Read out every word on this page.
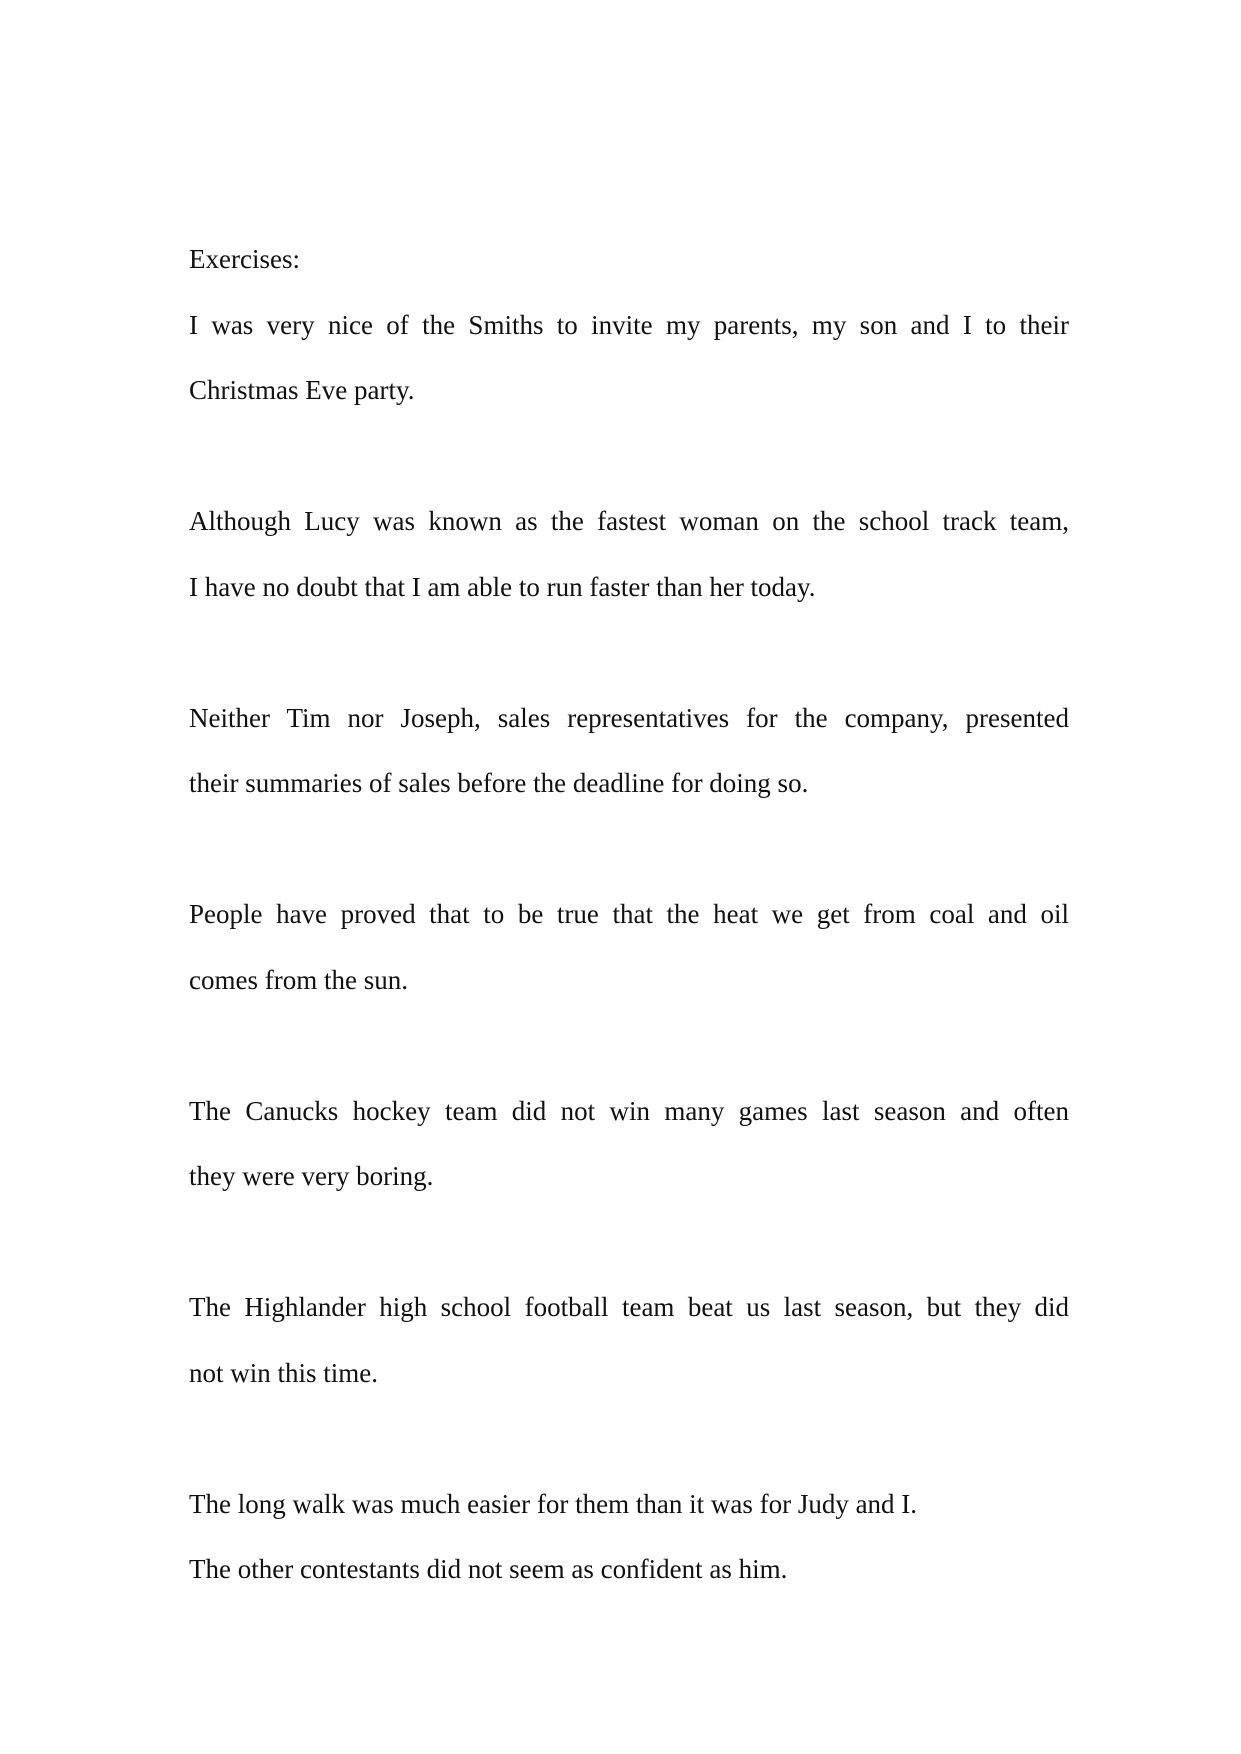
Exercises:
I was very nice of the Smiths to invite my parents, my son and I to their
Christmas Eve party.
Although Lucy was known as the fastest woman on the school track team,
I have no doubt that I am able to run faster than her today.
Neither Tim nor Joseph, sales representatives for the company, presented
their summaries of sales before the deadline for doing so.
People have proved that to be true that the heat we get from coal and oil
comes from the sun.
The Canucks hockey team did not win many games last season and often
they were very boring.
The Highlander high school football team beat us last season, but they did
not win this time.
The long walk was much easier for them than it was for Judy and I.
The other contestants did not seem as confident as him.
